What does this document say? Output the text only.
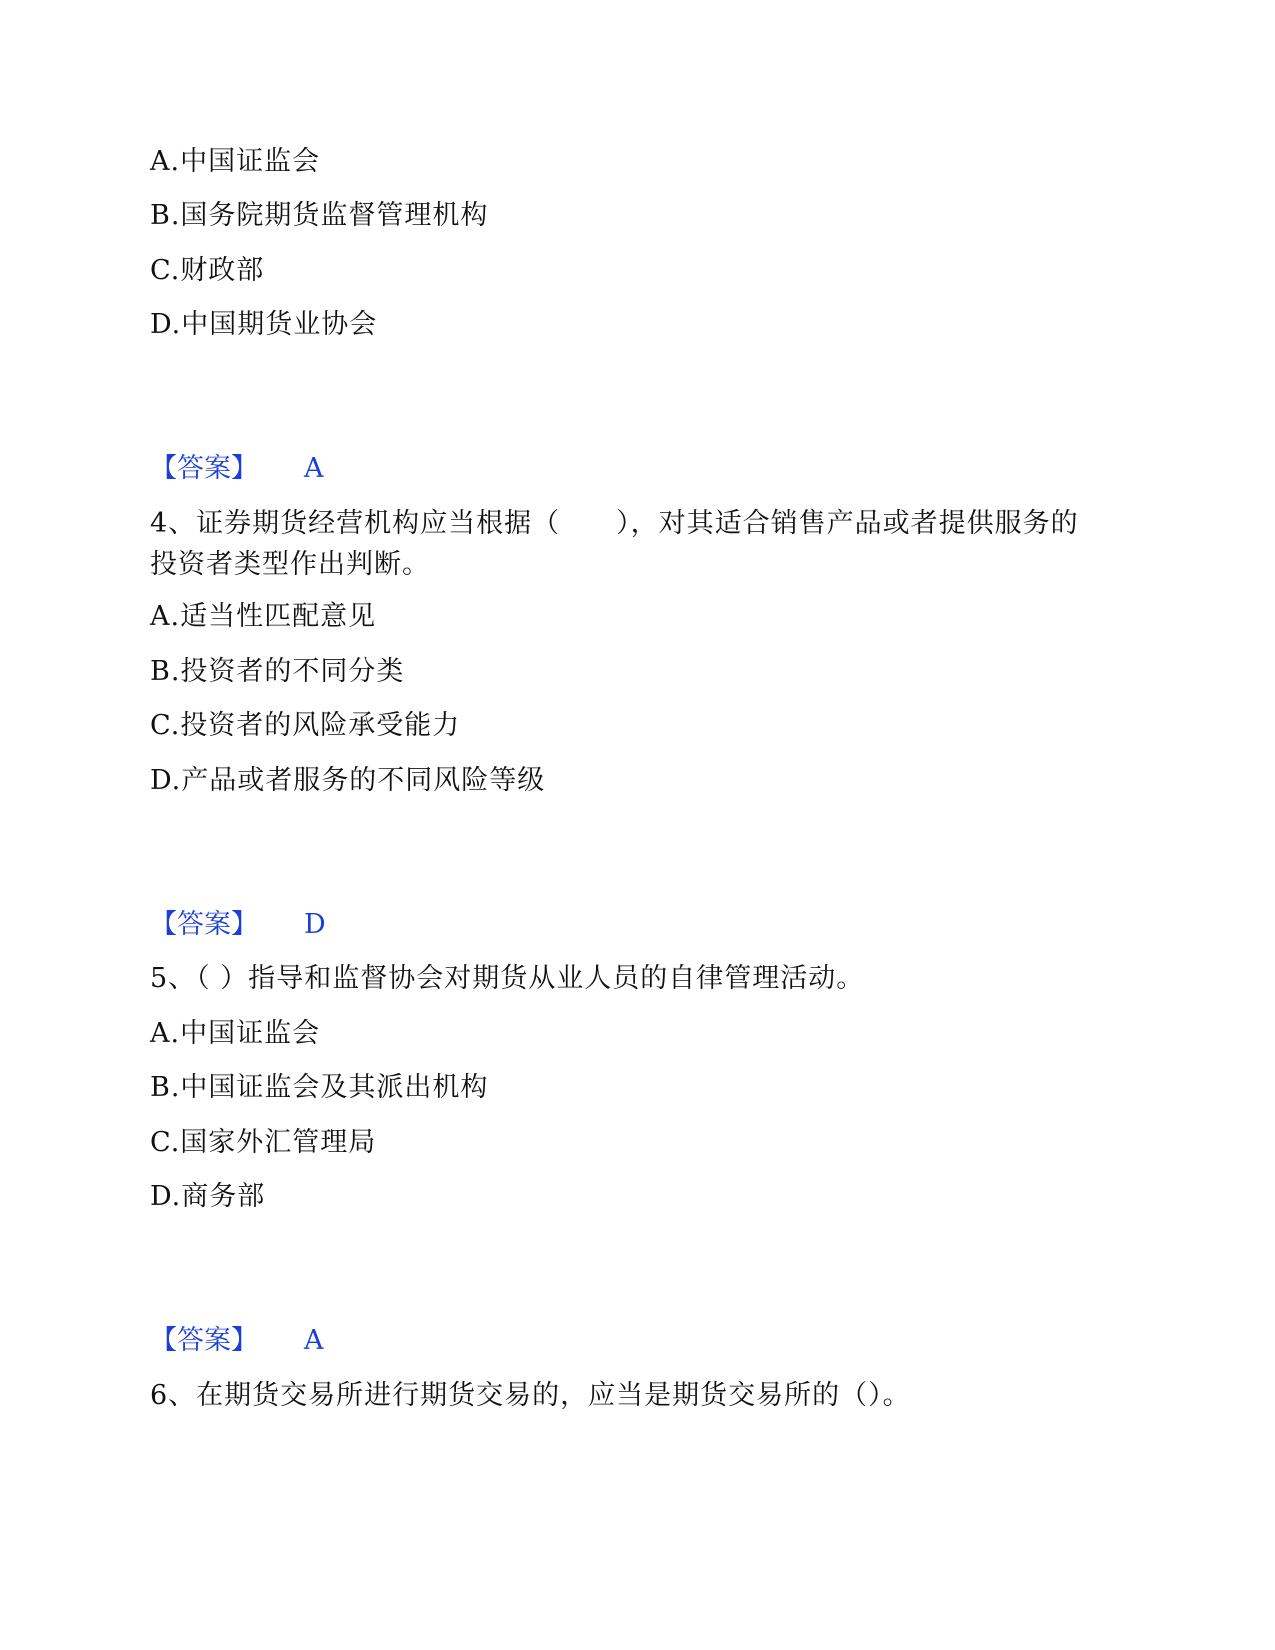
A.中国证监会
B.国务院期货监督管理机构
C.财政部
D.中国期货业协会
【答案】 A
4、证券期货经营机构应当根据（　　），对其适合销售产品或者提供服务的
投资者类型作出判断。
A.适当性匹配意见
B.投资者的不同分类
C.投资者的风险承受能力
D.产品或者服务的不同风险等级
【答案】 D
5、（ ）指导和监督协会对期货从业人员的自律管理活动。
A.中国证监会
B.中国证监会及其派出机构
C.国家外汇管理局
D.商务部
【答案】 A
6、在期货交易所进行期货交易的，应当是期货交易所的（）。
